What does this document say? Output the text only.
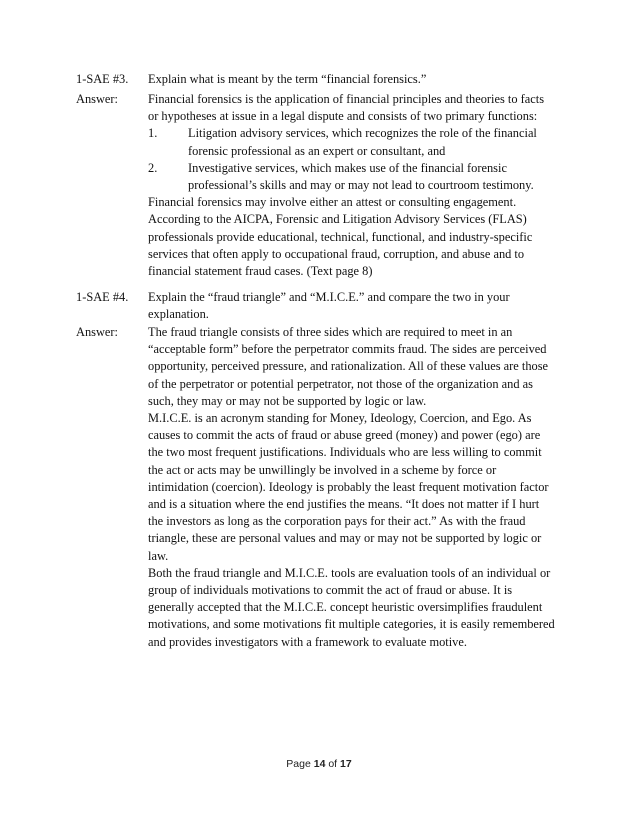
1-SAE #3.	Explain what is meant by the term “financial forensics.”
Answer:	Financial forensics is the application of financial principles and theories to facts
or hypotheses at issue in a legal dispute and consists of two primary functions:
1.	Litigation advisory services, which recognizes the role of the financial
forensic professional as an expert or consultant, and
2.	Investigative services, which makes use of the financial forensic
professional’s skills and may or may not lead to courtroom testimony.
Financial forensics may involve either an attest or consulting engagement.
According to the AICPA, Forensic and Litigation Advisory Services (FLAS)
professionals provide educational, technical, functional, and industry-specific
services that often apply to occupational fraud, corruption, and abuse and to
financial statement fraud cases. (Text page 8)
1-SAE #4.	Explain the “fraud triangle” and “M.I.C.E.” and compare the two in your
explanation.
Answer:	The fraud triangle consists of three sides which are required to meet in an
“acceptable form” before the perpetrator commits fraud. The sides are perceived
opportunity, perceived pressure, and rationalization. All of these values are those
of the perpetrator or potential perpetrator, not those of the organization and as
such, they may or may not be supported by logic or law.
M.I.C.E. is an acronym standing for Money, Ideology, Coercion, and Ego. As
causes to commit the acts of fraud or abuse greed (money) and power (ego) are
the two most frequent justifications. Individuals who are less willing to commit
the act or acts may be unwillingly be involved in a scheme by force or
intimidation (coercion). Ideology is probably the least frequent motivation factor
and is a situation where the end justifies the means. “It does not matter if I hurt
the investors as long as the corporation pays for their act.” As with the fraud
triangle, these are personal values and may or may not be supported by logic or
law.
Both the fraud triangle and M.I.C.E. tools are evaluation tools of an individual or
group of individuals motivations to commit the act of fraud or abuse. It is
generally accepted that the M.I.C.E. concept heuristic oversimplifies fraudulent
motivations, and some motivations fit multiple categories, it is easily remembered
and provides investigators with a framework to evaluate motive.
Page 14 of 17
